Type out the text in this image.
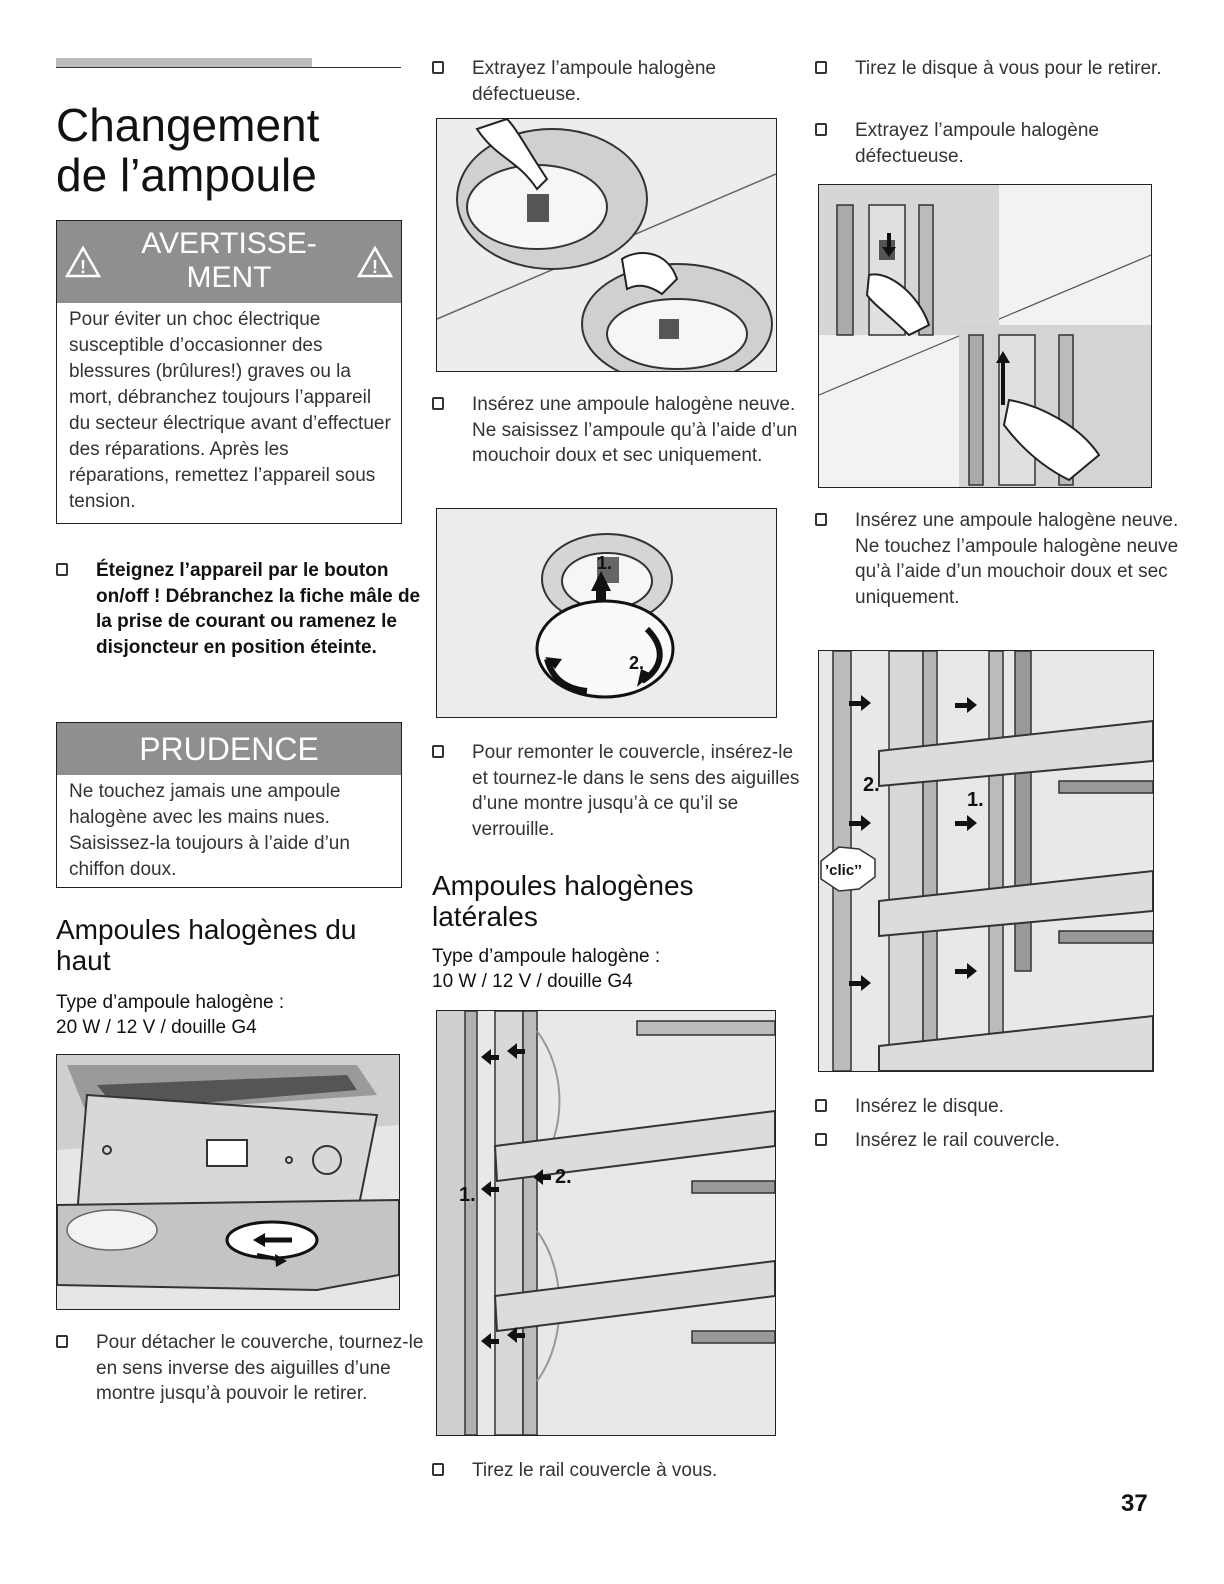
Changement
de l’ampoule
!
AVERTISSE-
MENT	!
Pour éviter un choc électrique susceptible d’occasionner des blessures (brûlures!) graves ou la mort, débranchez toujours l’appareil du secteur électrique avant d’effectuer des réparations. Après les réparations, remettez l’appareil sous tension.
Éteignez l’appareil par le bouton on/off ! Débranchez la fiche mâle de la prise de courant ou ramenez le disjoncteur en position éteinte.
PRUDENCE
Ne touchez jamais une ampoule halogène avec les mains nues. Saisissez-la toujours à l’aide d’un chiffon doux.
Ampoules halogènes du haut
Type d’ampoule halogène :
20 W / 12 V / douille G4
Pour détacher le couverche, tournez-le en sens inverse des aiguilles d’une montre jusqu’à pouvoir le retirer.
Extrayez l’ampoule halogène défectueuse.
Insérez une ampoule halogène neuve. Ne saisissez l’ampoule qu’à l’aide d’un mouchoir doux et sec uniquement.
1.
2.
Pour remonter le couvercle, insérez-le et tournez-le dans le sens des aiguilles d’une montre jusqu’à ce qu’il se verrouille.
Ampoules halogènes latérales
Type d’ampoule halogène :
10 W / 12 V / douille G4
1.
2.
Tirez le rail couvercle à vous.
Tirez le disque à vous pour le retirer.
Extrayez l’ampoule halogène défectueuse.
Insérez une ampoule halogène neuve. Ne touchez l’ampoule halogène neuve qu’à l’aide d’un mouchoir doux et sec uniquement.
2.
1.
’clic’’
Insérez le disque.
Insérez le rail couvercle.
37
